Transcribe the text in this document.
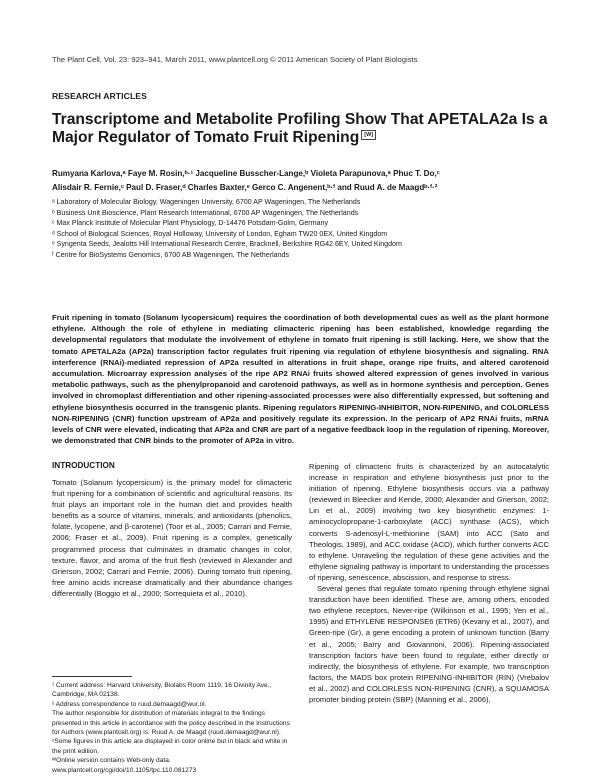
The Plant Cell, Vol. 23: 923–941, March 2011, www.plantcell.org © 2011 American Society of Plant Biologists
RESEARCH ARTICLES
Transcriptome and Metabolite Profiling Show That APETALA2a Is a Major Regulator of Tomato Fruit Ripening [W]
Rumyana Karlova,ᵃ Faye M. Rosin,ᵇ·¹ Jacqueline Busscher-Lange,ᵇ Violeta Parapunova,ᵃ Phuc T. Do,ᶜ
Alisdair R. Fernie,ᶜ Paul D. Fraser,ᵈ Charles Baxter,ᵉ Gerco C. Angenent,ᵇ·ᶠ and Ruud A. de Maagdᵇ·ᶠ·²
ᵃ Laboratory of Molecular Biology, Wageningen University, 6700 AP Wageningen, The Netherlands
ᵇ Business Unit Bioscience, Plant Research International, 6700 AP Wageningen, The Netherlands
ᶜ Max Planck Institute of Molecular Plant Physiology, D-14476 Potsdam-Golm, Germany
ᵈ School of Biological Sciences, Royal Holloway, University of London, Egham TW20 0EX, United Kingdom
ᵉ Syngenta Seeds, Jealotts Hill International Research Centre, Bracknell, Berkshire RG42 6EY, United Kingdom
ᶠ Centre for BioSystems Genomics, 6700 AB Wageningen, The Netherlands
Fruit ripening in tomato (Solanum lycopersicum) requires the coordination of both developmental cues as well as the plant hormone ethylene. Although the role of ethylene in mediating climacteric ripening has been established, knowledge regarding the developmental regulators that modulate the involvement of ethylene in tomato fruit ripening is still lacking. Here, we show that the tomato APETALA2a (AP2a) transcription factor regulates fruit ripening via regulation of ethylene biosynthesis and signaling. RNA interference (RNAi)-mediated repression of AP2a resulted in alterations in fruit shape, orange ripe fruits, and altered carotenoid accumulation. Microarray expression analyses of the ripe AP2 RNAi fruits showed altered expression of genes involved in various metabolic pathways, such as the phenylpropanoid and carotenoid pathways, as well as in hormone synthesis and perception. Genes involved in chromoplast differentiation and other ripening-associated processes were also differentially expressed, but softening and ethylene biosynthesis occurred in the transgenic plants. Ripening regulators RIPENING-INHIBITOR, NON-RIPENING, and COLORLESS NON-RIPENING (CNR) function upstream of AP2a and positively regulate its expression. In the pericarp of AP2 RNAi fruits, mRNA levels of CNR were elevated, indicating that AP2a and CNR are part of a negative feedback loop in the regulation of ripening. Moreover, we demonstrated that CNR binds to the promoter of AP2a in vitro.
INTRODUCTION

Tomato (Solanum lycopersicum) is the primary model for climacteric fruit ripening for a combination of scientific and agricultural reasons. Its fruit plays an important role in the human diet and provides health benefits as a source of vitamins, minerals, and antioxidants (phenolics, folate, lycopene, and β-carotene) (Toor et al., 2005; Carrari and Fernie, 2006; Fraser et al., 2009). Fruit ripening is a complex, genetically programmed process that culminates in dramatic changes in color, texture, flavor, and aroma of the fruit flesh (reviewed in Alexander and Grierson, 2002; Carrari and Fernie, 2006). During tomato fruit ripening, free amino acids increase dramatically and their abundance changes differentially (Boggio et al., 2000; Sorrequieta et al., 2010).

Ripening of climacteric fruits is characterized by an autocatalytic increase in respiration and ethylene biosynthesis just prior to the initiation of ripening. Ethylene biosynthesis occurs via a pathway (reviewed in Bleecker and Kende, 2000; Alexander and Grierson, 2002; Lin et al., 2009) involving two key biosynthetic enzymes: 1-aminocyclopropane-1-carboxylate (ACC) synthase (ACS), which converts S-adenosyl-L-methionine (SAM) into ACC (Sato and Theologis, 1989), and ACC oxidase (ACO), which further converts ACC to ethylene. Unraveling the regulation of these gene activities and the ethylene signaling pathway is important to understanding the processes of ripening, senescence, abscission, and response to stress.

Several genes that regulate tomato ripening through ethylene signal transduction have been identified. These are, among others, encoded two ethylene receptors, Never-ripe (Wilkinson et al., 1995; Yen et al., 1995) and ETHYLENE RESPONSE6 (ETR6) (Kevany et al., 2007), and Green-ripe (Gr), a gene encoding a protein of unknown function (Barry et al., 2005; Barry and Giovannoni, 2006). Ripening-associated transcription factors have been found to regulate, either directly or indirectly, the biosynthesis of ethylene. For example, two transcription factors, the MADS box protein RIPENING-INHIBITOR (RIN) (Vrebalov et al., 2002) and COLORLESS NON-RIPENING (CNR), a SQUAMOSA promoter binding protein (SBP) (Manning et al., 2006),

¹ Current address: Harvard University, Biolabs Room 1119, 16 Divinity Ave., Cambridge, MA 02138.
² Address correspondence to ruud.demaagd@wur.nl.
The author responsible for distribution of materials integral to the findings presented in this article in accordance with the policy described in the Instructions for Authors (www.plantcell.org) is: Ruud A. de Maagd (ruud.demaagd@wur.nl).
ᶜSome figures in this article are displayed in color online but in black and white in the print edition.
ᵂOnline version contains Web-only data.
www.plantcell.org/cgi/doi/10.1105/tpc.110.081273
